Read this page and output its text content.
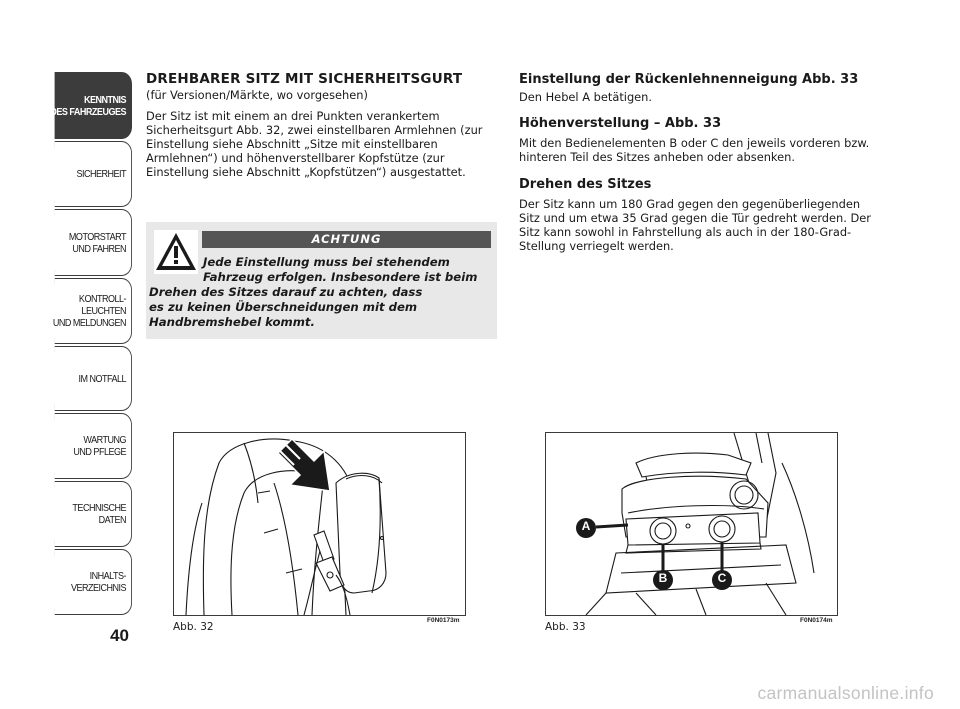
KENNTNIS
DES FAHRZEUGES
SICHERHEIT
MOTORSTART
UND FAHREN
KONTROLL-
LEUCHTEN
UND MELDUNGEN
IM NOTFALL
WARTUNG
UND PFLEGE
TECHNISCHE
DATEN
INHALTS-
VERZEICHNIS
40
DREHBARER SITZ MIT SICHERHEITSGURT

(für Versionen/Märkte, wo vorgesehen)

Der Sitz ist mit einem an drei Punkten verankertem Sicherheitsgurt Abb. 32, zwei einstellbaren Armlehnen (zur Einstellung siehe Abschnitt „Sitze mit einstellbaren Armlehnen“) und höhenverstellbarer Kopfstütze (zur Einstellung siehe Abschnitt „Kopfstützen“) ausgestattet.

ACHTUNG
Jede Einstellung muss bei stehendem
Fahrzeug erfolgen. Insbesondere ist beim
Drehen des Sitzes darauf zu achten, dass
es zu keinen Überschneidungen mit dem
Handbremshebel kommt.
Einstellung der Rückenlehnenneigung Abb. 33

Den Hebel A betätigen.

Höhenverstellung – Abb. 33

Mit den Bedienelementen B oder C den jeweils vorderen bzw. hinteren Teil des Sitzes anheben oder absenken.

Drehen des Sitzes

Der Sitz kann um 180 Grad gegen den gegenüberliegenden Sitz und um etwa 35 Grad gegen die Tür gedreht werden. Der Sitz kann sowohl in Fahrstellung als auch in der 180-Grad-Stellung verriegelt werden.

Abb. 32
F0N0173m
A
B	C
Abb. 33
F0N0174m
carmanualsonline.info
